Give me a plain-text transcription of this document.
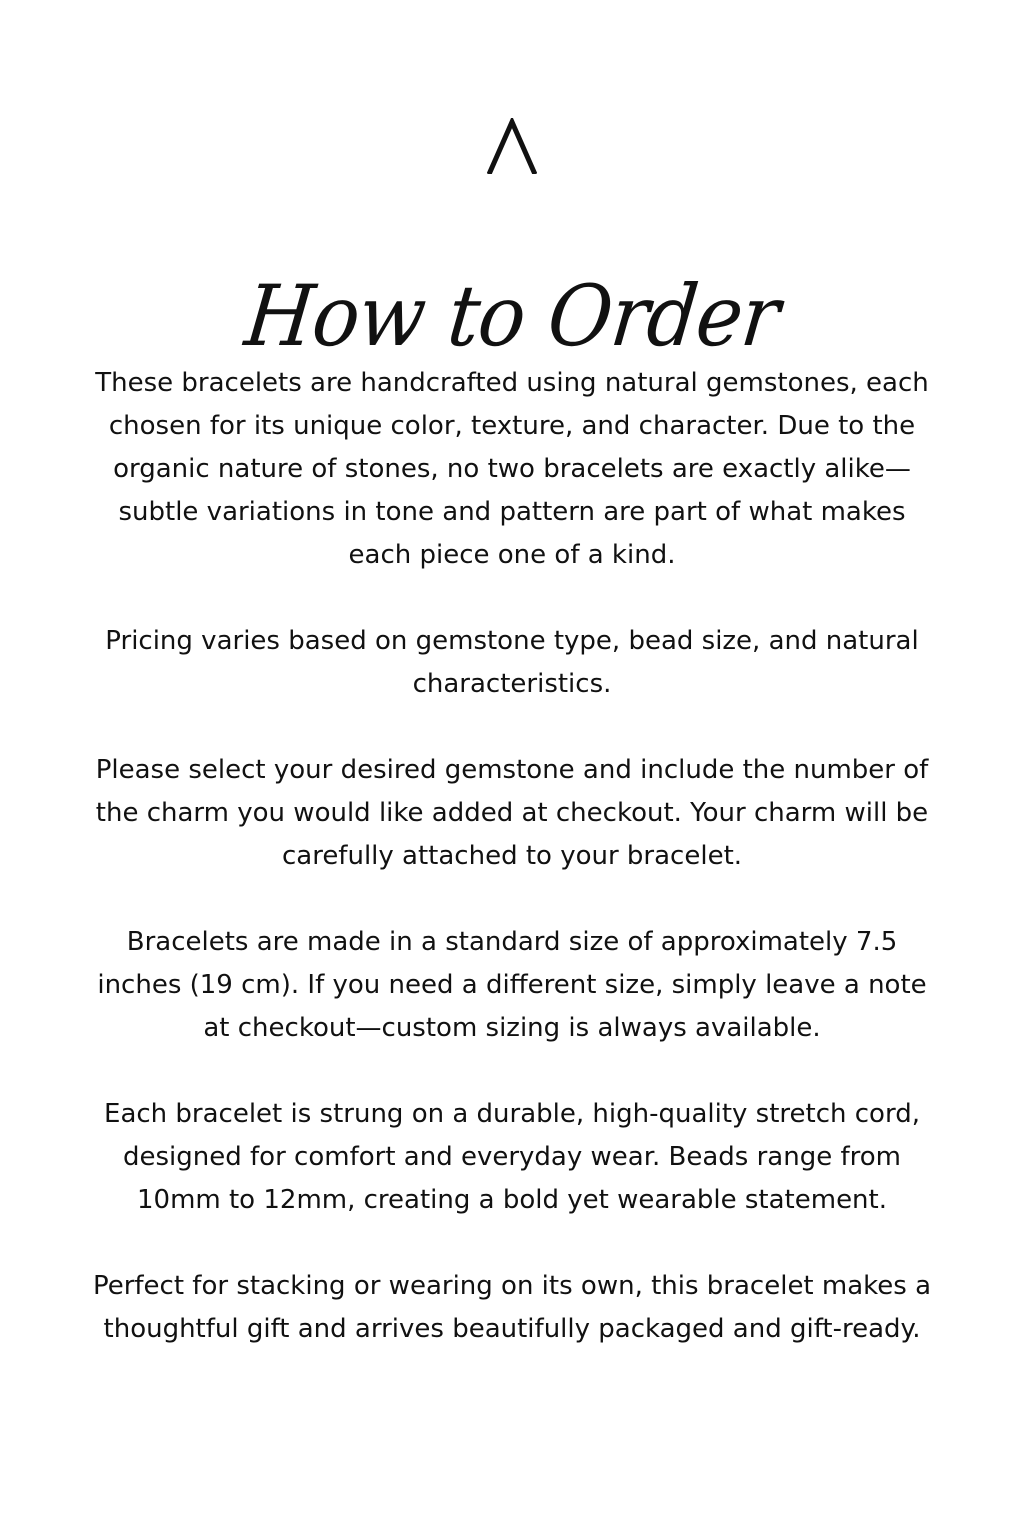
How to Order

These bracelets are handcrafted using natural gemstones, each chosen for its unique color, texture, and character. Due to the organic nature of stones, no two bracelets are exactly alike—subtle variations in tone and pattern are part of what makes each piece one of a kind.

Pricing varies based on gemstone type, bead size, and natural characteristics.

Please select your desired gemstone and include the number of the charm you would like added at checkout. Your charm will be carefully attached to your bracelet.

Bracelets are made in a standard size of approximately 7.5 inches (19 cm). If you need a different size, simply leave a note at checkout—custom sizing is always available.

Each bracelet is strung on a durable, high-quality stretch cord, designed for comfort and everyday wear. Beads range from 10mm to 12mm, creating a bold yet wearable statement.

Perfect for stacking or wearing on its own, this bracelet makes a thoughtful gift and arrives beautifully packaged and gift-ready.
